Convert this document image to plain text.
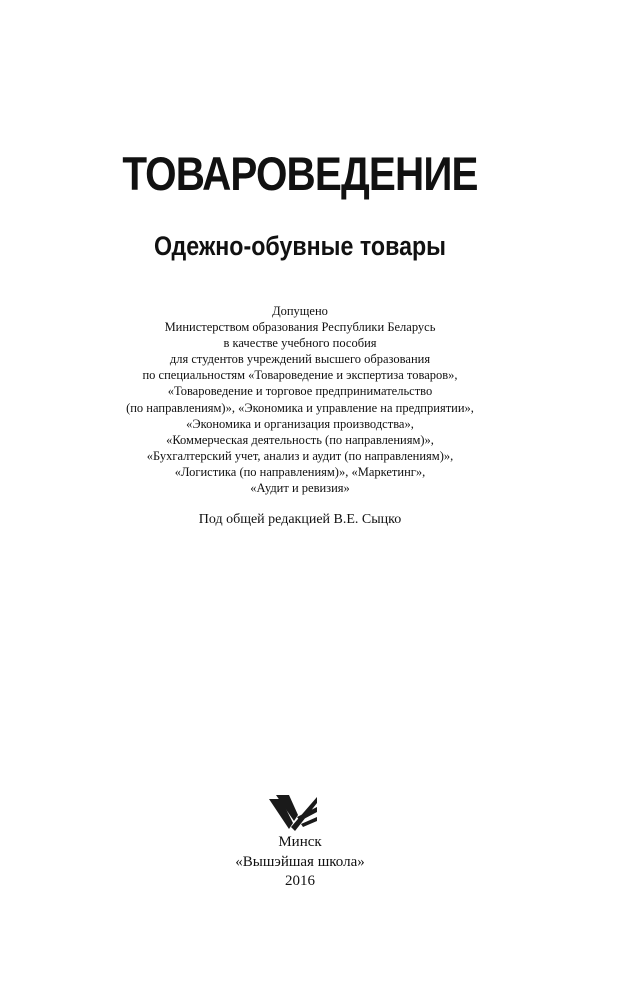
ТОВАРОВЕДЕНИЕ
Одежно-обувные товары
Допущено
Министерством образования Республики Беларусь
в качестве учебного пособия
для студентов учреждений высшего образования
по специальностям «Товароведение и экспертиза товаров»,
«Товароведение и торговое предпринимательство
(по направлениям)», «Экономика и управление на предприятии»,
«Экономика и организация производства»,
«Коммерческая деятельность (по направлениям)»,
«Бухгалтерский учет, анализ и аудит (по направлениям)»,
«Логистика (по направлениям)», «Маркетинг»,
«Аудит и ревизия»

Под общей редакцией В.Е. Сыцко

Минск
«Вышэйшая школа»
2016
